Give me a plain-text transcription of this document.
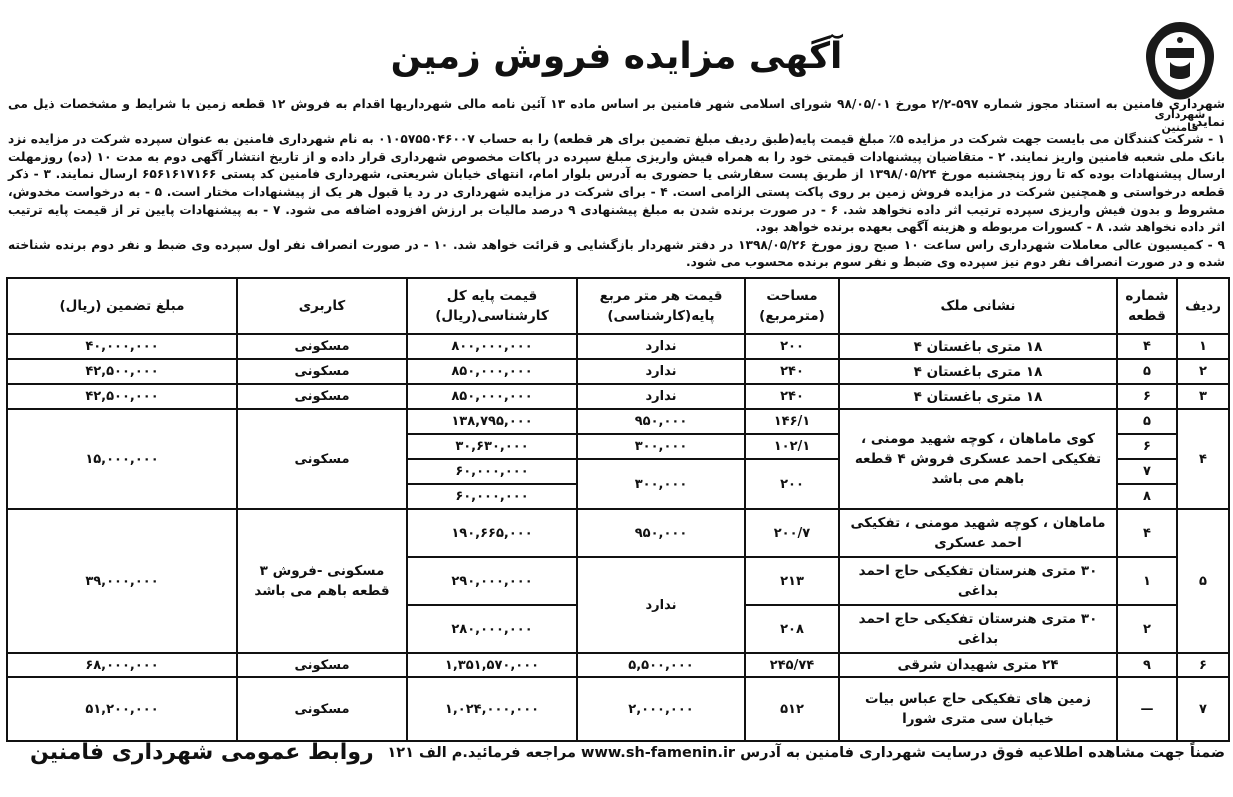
شهرداری فامنین
آگهی مزایده فروش زمین

شهرداری فامنین به استناد مجوز شماره ۵۹۷-۲/۲ مورخ ۹۸/۰۵/۰۱ شورای اسلامی شهر فامنین بر اساس ماده ۱۳ آئین نامه مالی شهرداریها اقدام به فروش ۱۲ قطعه زمین با شرایط و مشخصات ذیل می نماید.

۱ - شرکت کنندگان می بایست جهت شرکت در مزایده ۵٪ مبلغ قیمت پایه(طبق ردیف مبلغ تضمین برای هر قطعه) را به حساب ۰۱۰۵۷۵۵۰۴۶۰۰۷ به نام شهرداری فامنین به عنوان سپرده شرکت در مزایده نزد بانک ملی شعبه فامنین واریز نمایند. ۲ - متقاضیان پیشنهادات قیمتی خود را به همراه فیش واریزی مبلغ سپرده در پاکات مخصوص شهرداری قرار داده و از تاریخ انتشار آگهی دوم به مدت ۱۰ (ده) روزمهلت ارسال پیشنهادات بوده که تا روز پنجشنبه مورخ ۱۳۹۸/۰۵/۲۴ از طریق پست سفارشی یا حضوری به آدرس بلوار امام، انتهای خیابان شریعتی، شهرداری فامنین کد پستی ۶۵۶۱۶۱۷۱۶۶ ارسال نمایند. ۳ - ذکر قطعه درخواستی و همچنین شرکت در مزایده فروش زمین بر روی پاکت پستی الزامی است. ۴ - برای شرکت در مزایده شهرداری در رد یا قبول هر یک از پیشنهادات مختار است. ۵ - به درخواست مخدوش، مشروط و بدون فیش واریزی سپرده ترتیب اثر داده نخواهد شد. ۶ - در صورت برنده شدن به مبلغ پیشنهادی ۹ درصد مالیات بر ارزش افزوده اضافه می شود. ۷ - به پیشنهادات پایین تر از قیمت پایه ترتیب اثر داده نخواهد شد. ۸ - کسورات مربوطه و هزینه آگهی بعهده برنده خواهد بود.

۹ - کمیسیون عالی معاملات شهرداری راس ساعت ۱۰ صبح روز مورخ ۱۳۹۸/۰۵/۲۶ در دفتر شهردار بازگشایی و قرائت خواهد شد. ۱۰ - در صورت انصراف نفر اول سپرده وی ضبط و نفر دوم برنده شناخته شده و در صورت انصراف نفر دوم نیز سپرده وی ضبط و نفر سوم برنده محسوب می شود.

ردیف	شماره قطعه	نشانی ملک	مساحت (مترمربع)	قیمت هر متر مربع پایه(کارشناسی)	قیمت پایه کل کارشناسی(ریال)	کاربری	مبلغ تضمین (ریال)
۱	۴	۱۸ متری باغستان ۴	۲۰۰	ندارد	۸۰۰,۰۰۰,۰۰۰	مسکونی	۴۰,۰۰۰,۰۰۰
۲	۵	۱۸ متری باغستان ۴	۲۴۰	ندارد	۸۵۰,۰۰۰,۰۰۰	مسکونی	۴۲,۵۰۰,۰۰۰
۳	۶	۱۸ متری باغستان ۴	۲۴۰	ندارد	۸۵۰,۰۰۰,۰۰۰	مسکونی	۴۲,۵۰۰,۰۰۰
۴	۵	کوی ماماهان ، کوچه شهید مومنی ، تفکیکی احمد عسکری فروش ۴ قطعه باهم می باشد	۱۴۶/۱	۹۵۰,۰۰۰	۱۳۸,۷۹۵,۰۰۰	مسکونی	۱۵,۰۰۰,۰۰۰
	۶		۱۰۲/۱	۳۰۰,۰۰۰	۳۰,۶۳۰,۰۰۰		
	۷		۲۰۰	۳۰۰,۰۰۰	۶۰,۰۰۰,۰۰۰		
	۸				۶۰,۰۰۰,۰۰۰		
۵	۴	ماماهان ، کوچه شهید مومنی ، تفکیکی احمد عسکری	۲۰۰/۷	۹۵۰,۰۰۰	۱۹۰,۶۶۵,۰۰۰	مسکونی -فروش ۳ قطعه باهم می باشد	۳۹,۰۰۰,۰۰۰
	۱	۳۰ متری هنرستان تفکیکی حاج احمد بداغی	۲۱۳	ندارد	۲۹۰,۰۰۰,۰۰۰		
	۲	۳۰ متری هنرستان تفکیکی حاج احمد بداغی	۲۰۸		۲۸۰,۰۰۰,۰۰۰		
۶	۹	۲۴ متری شهیدان شرقی	۲۴۵/۷۴	۵,۵۰۰,۰۰۰	۱,۳۵۱,۵۷۰,۰۰۰	مسکونی	۶۸,۰۰۰,۰۰۰
۷	—	زمین های تفکیکی حاج عباس بیات خیابان سی متری شورا	۵۱۲	۲,۰۰۰,۰۰۰	۱,۰۲۴,۰۰۰,۰۰۰	مسکونی	۵۱,۲۰۰,۰۰۰
ضمناً جهت مشاهده اطلاعیه فوق درسایت شهرداری فامنین به آدرس www.sh-famenin.ir مراجعه فرمائید.م الف ۱۲۱
روابط عمومی شهرداری فامنین
